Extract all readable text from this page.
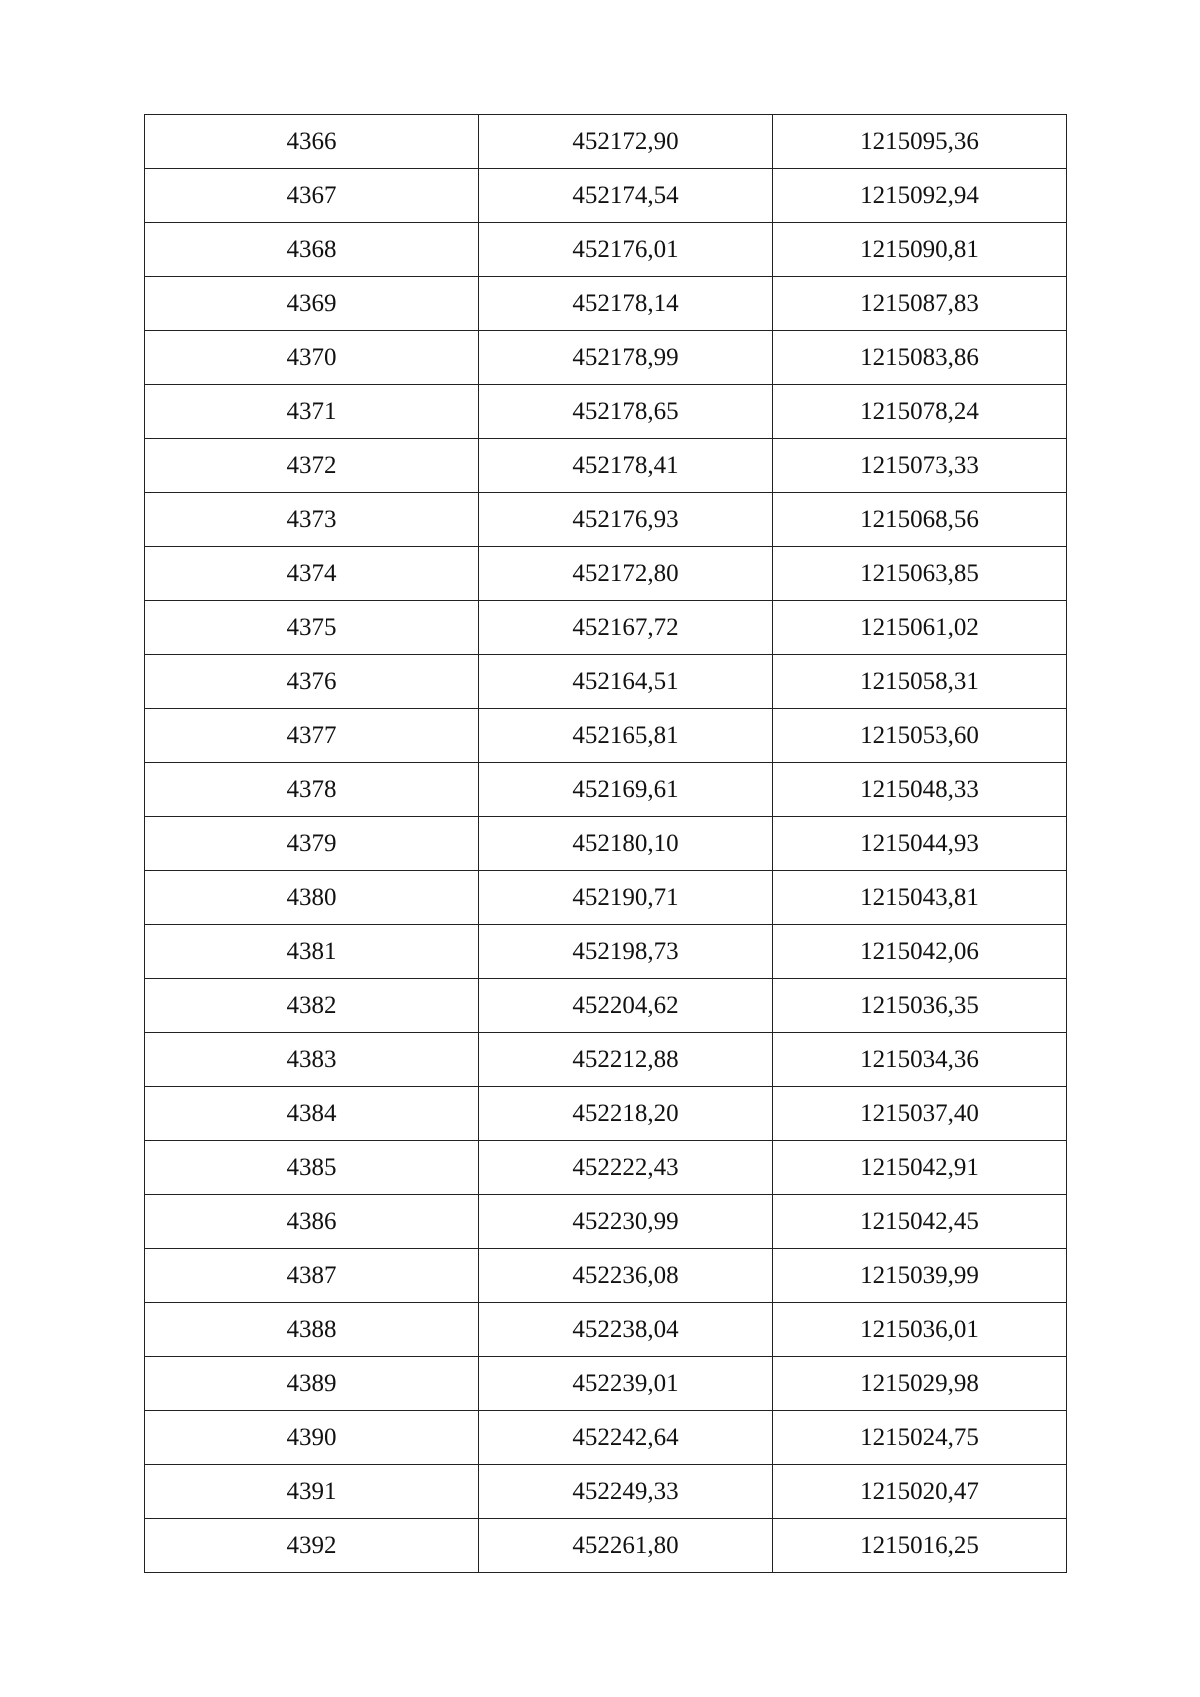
4366	452172,90	1215095,36
4367	452174,54	1215092,94
4368	452176,01	1215090,81
4369	452178,14	1215087,83
4370	452178,99	1215083,86
4371	452178,65	1215078,24
4372	452178,41	1215073,33
4373	452176,93	1215068,56
4374	452172,80	1215063,85
4375	452167,72	1215061,02
4376	452164,51	1215058,31
4377	452165,81	1215053,60
4378	452169,61	1215048,33
4379	452180,10	1215044,93
4380	452190,71	1215043,81
4381	452198,73	1215042,06
4382	452204,62	1215036,35
4383	452212,88	1215034,36
4384	452218,20	1215037,40
4385	452222,43	1215042,91
4386	452230,99	1215042,45
4387	452236,08	1215039,99
4388	452238,04	1215036,01
4389	452239,01	1215029,98
4390	452242,64	1215024,75
4391	452249,33	1215020,47
4392	452261,80	1215016,25
